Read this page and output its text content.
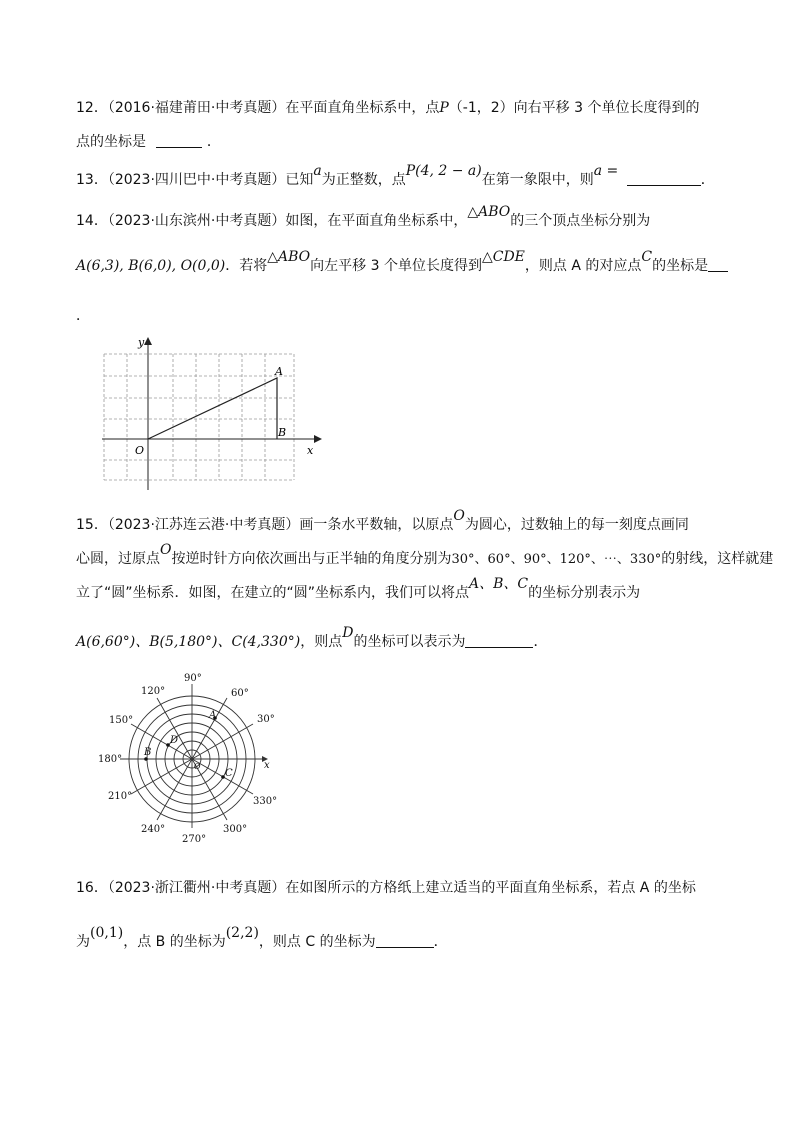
12．（2016·福建莆田·中考真题）在平面直角坐标系中，点P（-1，2）向右平移 3 个单位长度得到的
点的坐标是	．
13．（2023·四川巴中·中考真题）已知a为正整数，点P(4, 2 − a)在第一象限中，则a = ．
14．（2023·山东滨州·中考真题）如图，在平面直角坐标系中，△ABO的三个顶点坐标分别为
A(6,3), B(6,0), O(0,0)．若将△ABO向左平移 3 个单位长度得到△CDE，则点 A 的对应点C的坐标是
．
y
x
O
A
B
15．（2023·江苏连云港·中考真题）画一条水平数轴，以原点O为圆心，过数轴上的每一刻度点画同
心圆，过原点O按逆时针方向依次画出与正半轴的角度分别为30°、60°、90°、120°、⋯、330°的射线，这样就建
立了“圆”坐标系．如图，在建立的“圆”坐标系内，我们可以将点A、B、C的坐标分别表示为
A(6,60°)、B(5,180°)、C(4,330°)，则点D的坐标可以表示为	．
90°
60°
120°
30°
150°
180°
210°	330°
240°	300°
270°
x
A
B
C
D
O
16．（2023·浙江衢州·中考真题）在如图所示的方格纸上建立适当的平面直角坐标系，若点 A 的坐标
为(0,1)，点 B 的坐标为(2,2)，则点 C 的坐标为	．
